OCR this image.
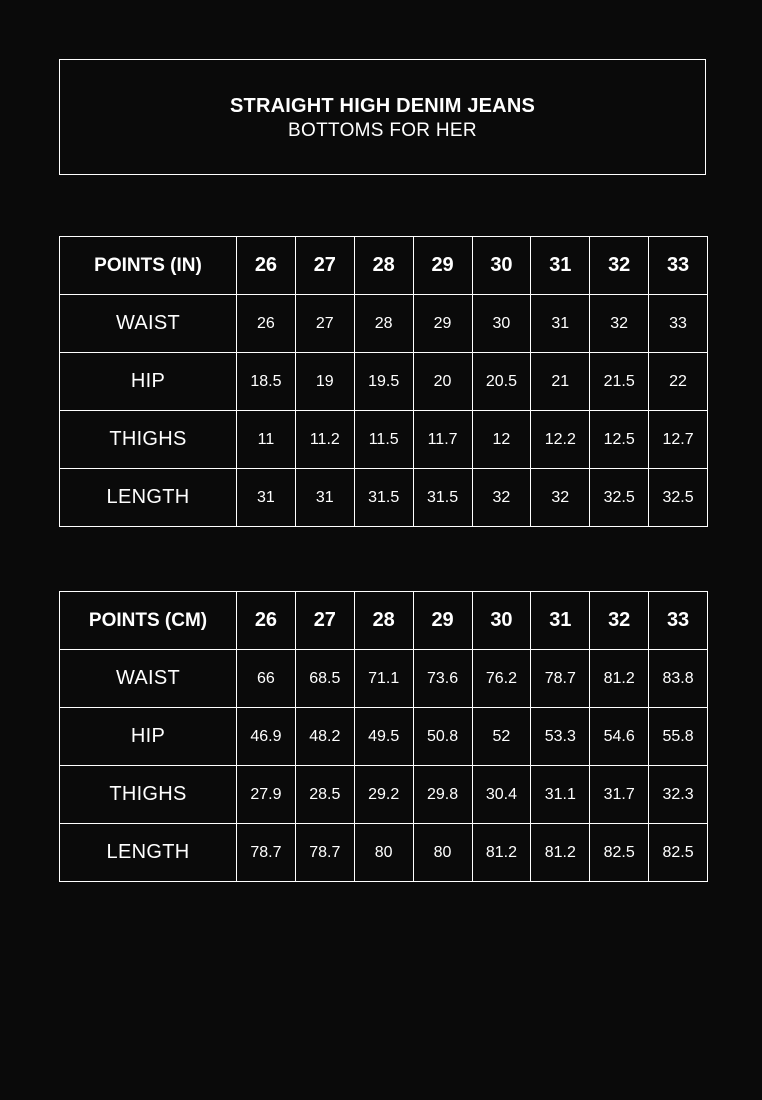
STRAIGHT HIGH DENIM JEANS
BOTTOMS FOR HER
POINTS (IN)	26	27	28	29	30	31	32	33
WAIST	26	27	28	29	30	31	32	33
HIP	18.5	19	19.5	20	20.5	21	21.5	22
THIGHS	11	11.2	11.5	11.7	12	12.2	12.5	12.7
LENGTH	31	31	31.5	31.5	32	32	32.5	32.5
POINTS (CM)	26	27	28	29	30	31	32	33
WAIST	66	68.5	71.1	73.6	76.2	78.7	81.2	83.8
HIP	46.9	48.2	49.5	50.8	52	53.3	54.6	55.8
THIGHS	27.9	28.5	29.2	29.8	30.4	31.1	31.7	32.3
LENGTH	78.7	78.7	80	80	81.2	81.2	82.5	82.5
